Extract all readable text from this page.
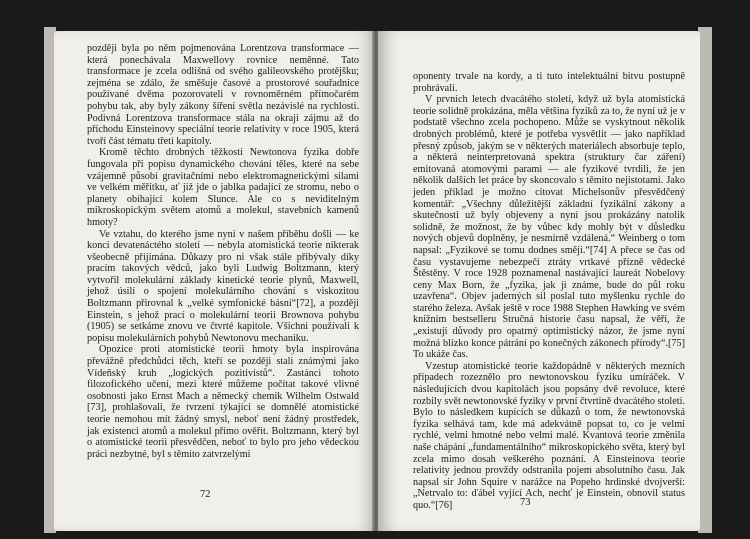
později byla po něm pojmenována Lorentzova transformace — která ponechávala Maxwellovy rovnice neměnné. Tato transformace je zcela odlišná od svého galileovského protějšku; zejména se zdálo, že směšuje časové a prostorové souřadnice používané dvěma pozorovateli v rovnoměrném přímočarém pohybu tak, aby byly zákony šíření světla nezávislé na rychlosti. Podivná Lorentzova transformace stála na okraji zájmu až do příchodu Einsteinovy speciální teorie relativity v roce 1905, která tvoří část tématu třetí kapitoly.

Kromě těchto drobných těžkostí Newtonova fyzika dobře fungovala při popisu dynamického chování těles, které na sebe vzájemně působí gravitačními nebo elektromagnetickými silami ve velkém měřítku, ať již jde o jablka padající ze stromu, nebo o planety obíhající kolem Slunce. Ale co s neviditelným mikroskopickým světem atomů a molekul, stavebních kamenů hmoty?

Ve vztahu, do kterého jsme nyní v našem příběhu došli — ke konci devatenáctého století — nebyla atomistická teorie nikterak všeobecně přijímána. Důkazy pro ni však stále přibývaly díky pracím takových vědců, jako byli Ludwig Boltzmann, který vytvořil molekulární základy kinetické teorie plynů, Maxwell, jehož úsilí o spojení molekulárního chování s viskozitou Boltzmann přirovnal k „velké symfonické básni“[72], a později Einstein, s jehož prací o molekulární teorii Brownova pohybu (1905) se setkáme znovu ve čtvrté kapitole. Všichni používali k popisu molekulárních pohybů Newtonovu mechaniku.

Opozice proti atomistické teorii hmoty byla inspirována převážně předchůdci těch, kteří se později stali známými jako Vídeňský kruh „logických pozitivistů“. Zastánci tohoto filozofického učení, mezi které můžeme počítat takové vlivné osobnosti jako Ernst Mach a německý chemik Wilhelm Ostwald [73], prohlašovali, že tvrzení týkající se domnělé atomistické teorie nemohou mít žádný smysl, neboť není žádný prostředek, jak existenci atomů a molekul přímo ověřit. Boltzmann, který byl o atomistické teorii přesvědčen, neboť to bylo pro jeho vědeckou práci nezbytné, byl s těmito zatvrzelými

72

oponenty trvale na kordy, a ti tuto intelektuální bitvu postupně prohrávali.

V prvních letech dvacátého století, když už byla atomistická teorie solidně prokázána, měla většina fyziků za to, že nyní už je v podstatě všechno zcela pochopeno. Může se vyskytnout několik drobných problémů, které je potřeba vysvětlit — jako například přesný způsob, jakým se v některých materiálech absorbuje teplo, a některá neinterpretovaná spektra (struktury čar záření) emitovaná atomovými parami — ale fyzikové tvrdili, že jen několik dalších let práce by skoncovalo s těmito nejistotami. Jako jeden příklad je možno citovat Michelsonův přesvědčený komentář: „Všechny důležitější základní fyzikální zákony a skutečnosti už byly objeveny a nyní jsou prokázány natolik solidně, že možnost, že by vůbec kdy mohly být v důsledku nových objevů doplněny, je nesmírně vzdálená.“ Weinberg o tom napsal: „Fyzikové se tomu dodnes směji.“[74] A přece se čas od času vystavujeme nebezpečí ztráty vrtkavé přízně vědecké Štěstěny. V roce 1928 poznamenal nastávající laureát Nobelovy ceny Max Born, že „fyzika, jak ji známe, bude do půl roku uzavřena“. Objev jaderných sil poslal tuto myšlenku rychle do starého železa. Avšak ještě v roce 1988 Stephen Hawking ve svém knižním bestselleru Stručná historie času napsal, že věří, že „existují důvody pro opatrný optimistický názor, že jsme nyní možná blízko konce pátrání po konečných zákonech přírody“.[75] To ukáže čas.

Vzestup atomistické teorie každopádně v některých mezních případech rozeznělo pro newtonovskou fyziku umíráček. V následujících dvou kapitolách jsou popsány dvě revoluce, které rozbily svět newtonovské fyziky v první čtvrtině dvacátého století. Bylo to následkem kupících se důkazů o tom, že newtonovská fyzika selhává tam, kde má adekvátně popsat to, co je velmi rychlé, velmi hmotné nebo velmi malé. Kvantová teorie změnila naše chápání „fundamentálního“ mikroskopického světa, který byl zcela mimo dosah veškerého poznání. A Einsteinova teorie relativity jednou provždy odstranila pojem absolutního času. Jak napsal sir John Squire v narážce na Popeho hrdinské dvojverší: „Netrvalo to: ďábel vyjící Ach, nechť je Einstein, obnovil status quo.“[76]	73
